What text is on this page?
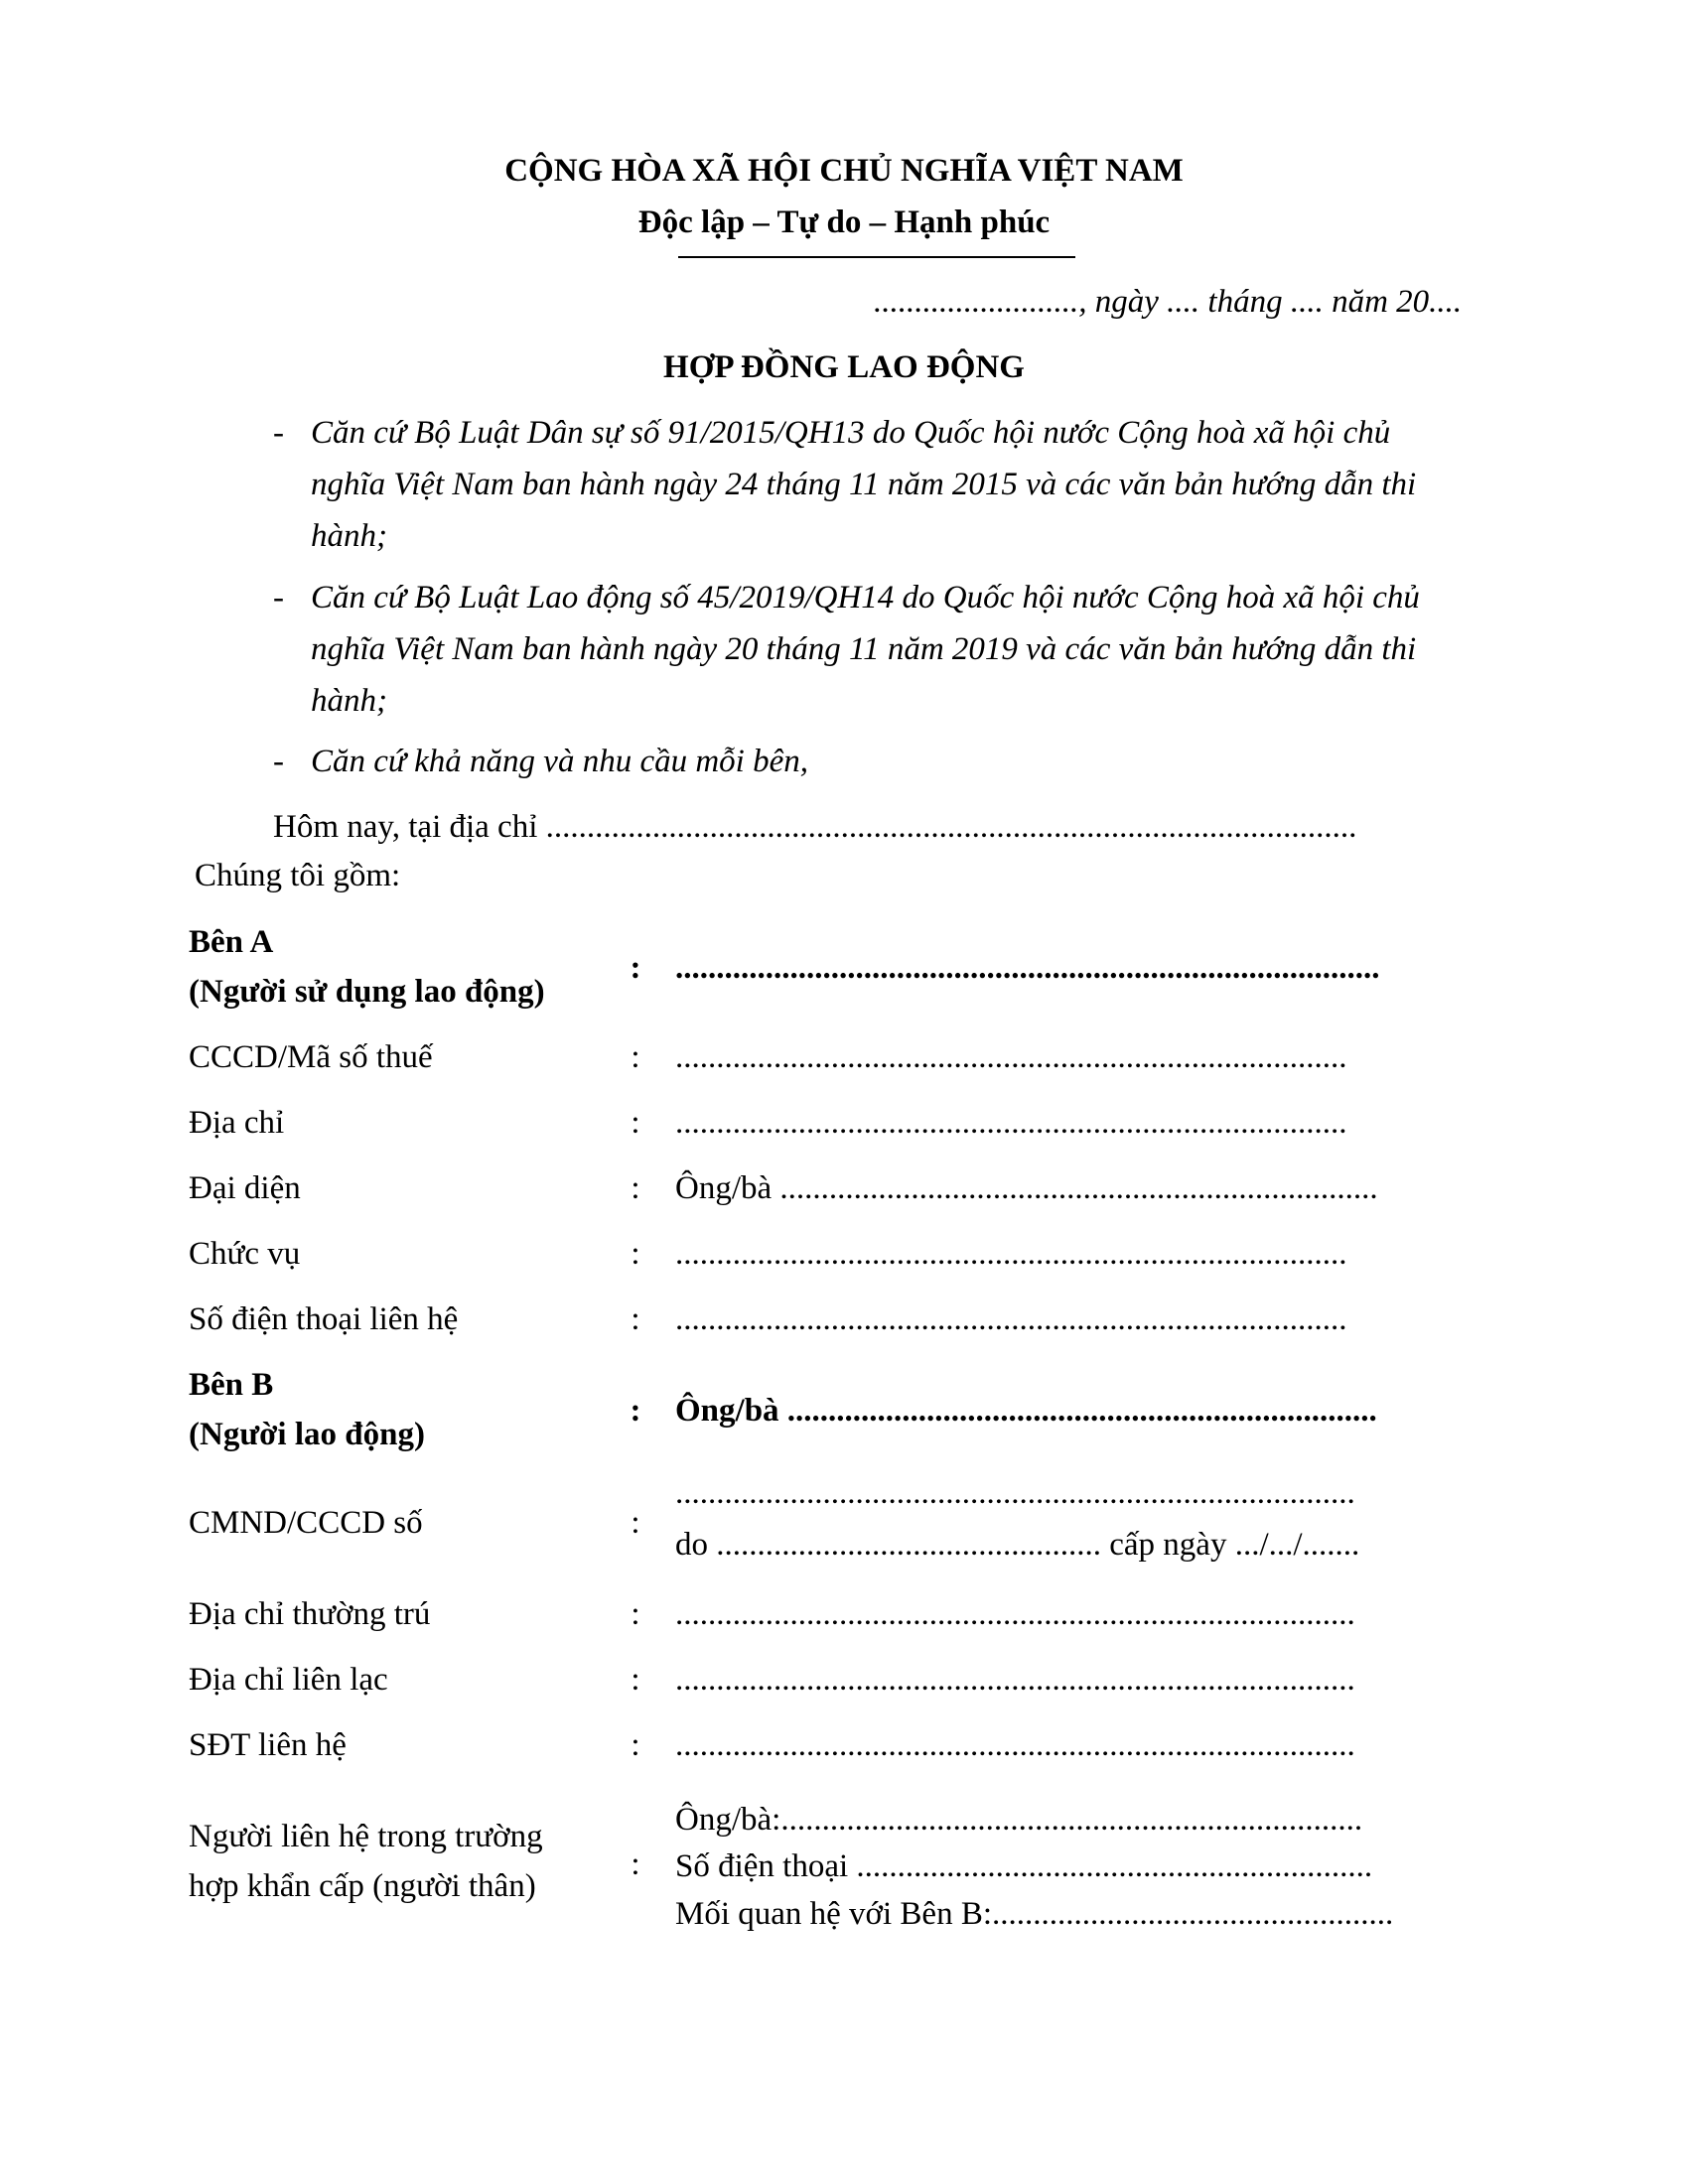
CỘNG HÒA XÃ HỘI CHỦ NGHĨA VIỆT NAM
Độc lập – Tự do – Hạnh phúc
........................., ngày .... tháng .... năm 20....
HỢP ĐỒNG LAO ĐỘNG
- Căn cứ Bộ Luật Dân sự số 91/2015/QH13 do Quốc hội nước Cộng hoà xã hội chủ
nghĩa Việt Nam ban hành ngày 24 tháng 11 năm 2015 và các văn bản hướng dẫn thi
hành;
- Căn cứ Bộ Luật Lao động số 45/2019/QH14 do Quốc hội nước Cộng hoà xã hội chủ
nghĩa Việt Nam ban hành ngày 20 tháng 11 năm 2019 và các văn bản hướng dẫn thi
hành;
- Căn cứ khả năng và nhu cầu mỗi bên,
Hôm nay, tại địa chỉ ...................................................................................................
Chúng tôi gồm:
Bên A
(Người sử dụng lao động)
: ......................................................................................
CCCD/Mã số thuế	: ..................................................................................
Địa chỉ	: ..................................................................................
Đại diện	: Ông/bà .........................................................................
Chức vụ	: ..................................................................................
Số điện thoại liên hệ	: ..................................................................................
Bên B
(Người lao động)
: Ông/bà ........................................................................
CMND/CCCD số	:
...................................................................................
do ............................................... cấp ngày .../.../.......
Địa chỉ thường trú	: ...................................................................................
Địa chỉ liên lạc	: ...................................................................................
SĐT liên hệ	: ...................................................................................
Người liên hệ trong trường
hợp khẩn cấp (người thân)
:
Ông/bà:.......................................................................
Số điện thoại ...............................................................
Mối quan hệ với Bên B:.................................................
